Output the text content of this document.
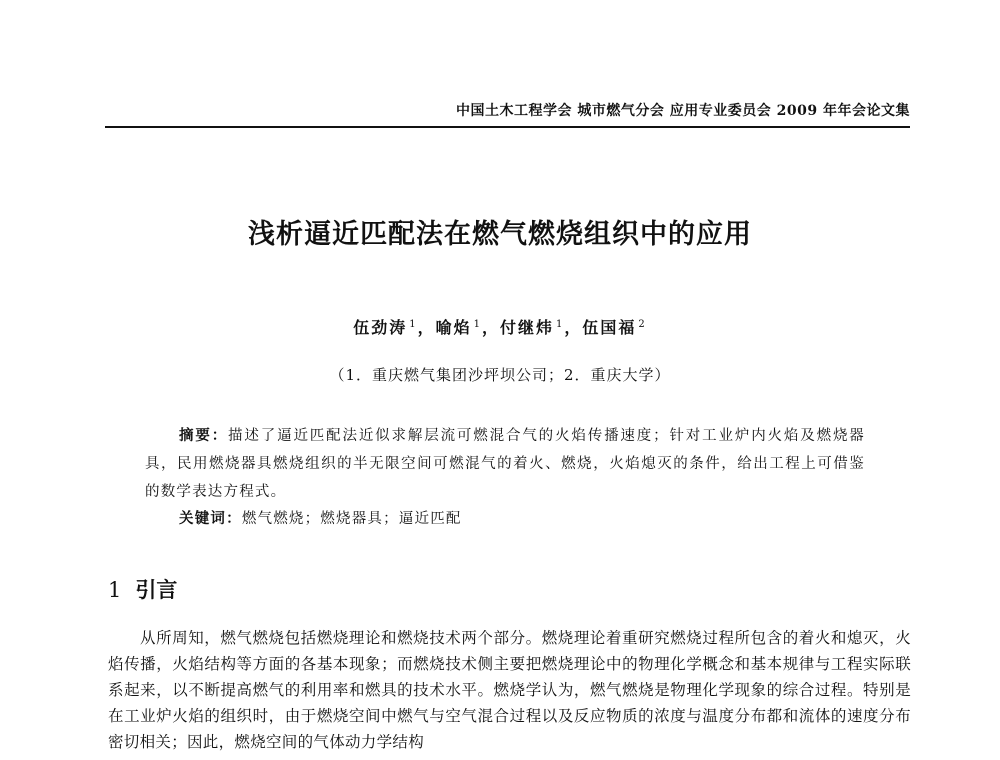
中国土木工程学会 城市燃气分会 应用专业委员会 2009 年年会论文集
浅析逼近匹配法在燃气燃烧组织中的应用
伍劲涛 $^1$，喻焰 $^1$，付继炜 $^1$，伍国福 $^2$
（1．重庆燃气集团沙坪坝公司；2．重庆大学）
摘要：描述了逼近匹配法近似求解层流可燃混合气的火焰传播速度；针对工业炉内火焰及燃烧器具，民用燃烧器具燃烧组织的半无限空间可燃混气的着火、燃烧，火焰熄灭的条件，给出工程上可借鉴的数学表达方程式。
关键词：燃气燃烧；燃烧器具；逼近匹配
1 引言
从所周知，燃气燃烧包括燃烧理论和燃烧技术两个部分。燃烧理论着重研究燃烧过程所包含的着火和熄灭，火焰传播，火焰结构等方面的各基本现象；而燃烧技术侧主要把燃烧理论中的物理化学概念和基本规律与工程实际联系起来，以不断提高燃气的利用率和燃具的技术水平。燃烧学认为，燃气燃烧是物理化学现象的综合过程。特别是在工业炉火焰的组织时，由于燃烧空间中燃气与空气混合过程以及反应物质的浓度与温度分布都和流体的速度分布密切相关；因此，燃烧空间的气体动力学结构
